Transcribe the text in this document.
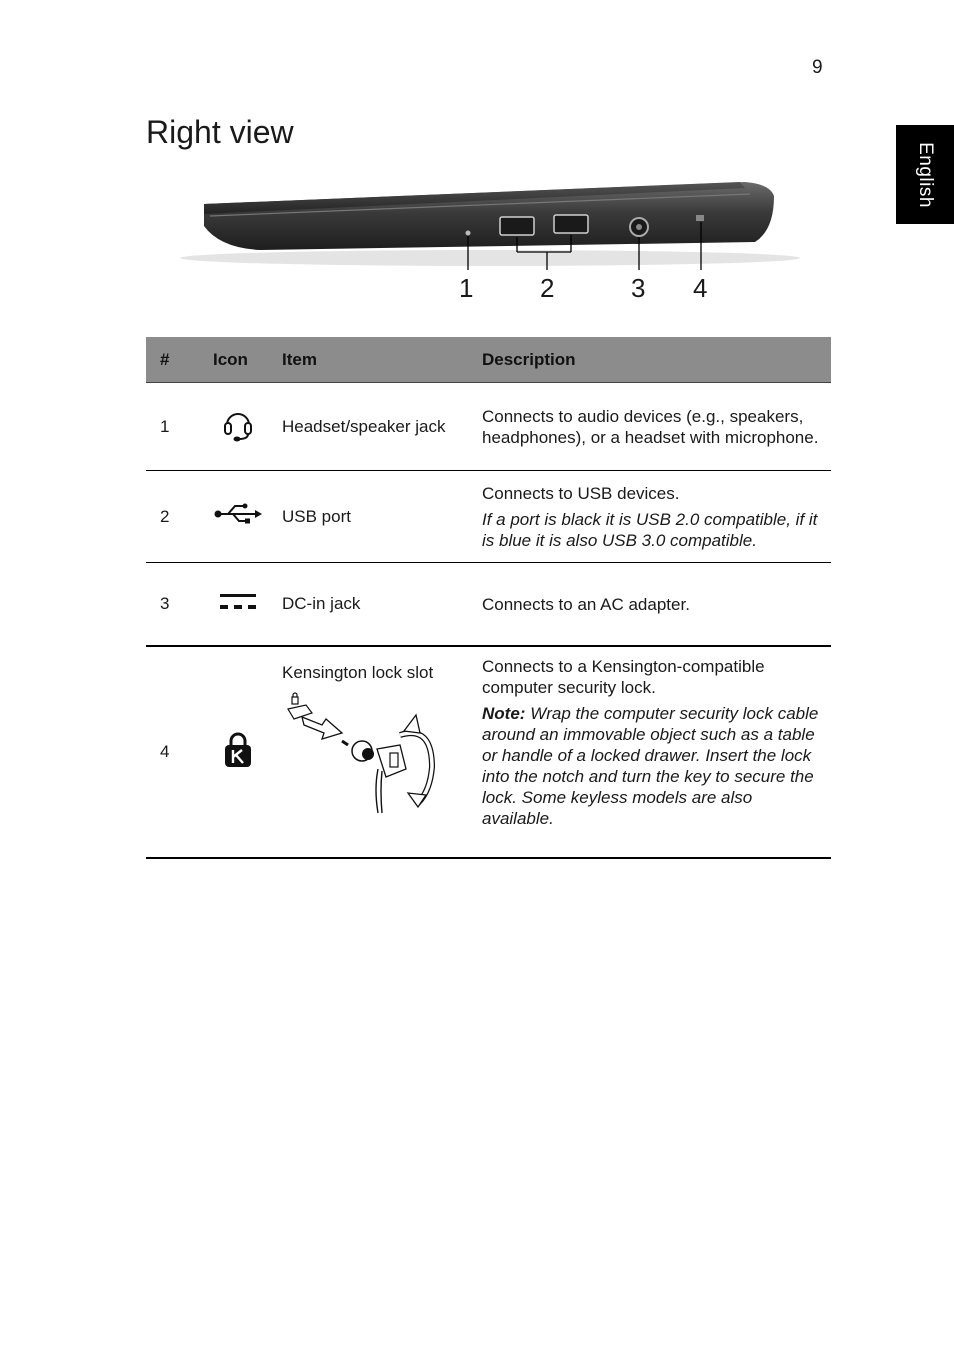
9
English
Right view
1	2	3 4
#	Icon	Item	Description
1		Headset/speaker jack	Connects to audio devices (e.g., speakers, headphones), or a headset with microphone.

2		USB port	Connects to USB devices.

If a port is black it is USB 2.0 compatible, if it is blue it is also USB 3.0 compatible.

3		DC-in jack	Connects to an AC adapter.

4		Kensington lock slot	Connects to a Kensington-compatible computer security lock.

Note: Wrap the computer security lock cable around an immovable object such as a table or handle of a locked drawer. Insert the lock into the notch and turn the key to secure the lock. Some keyless models are also available.
